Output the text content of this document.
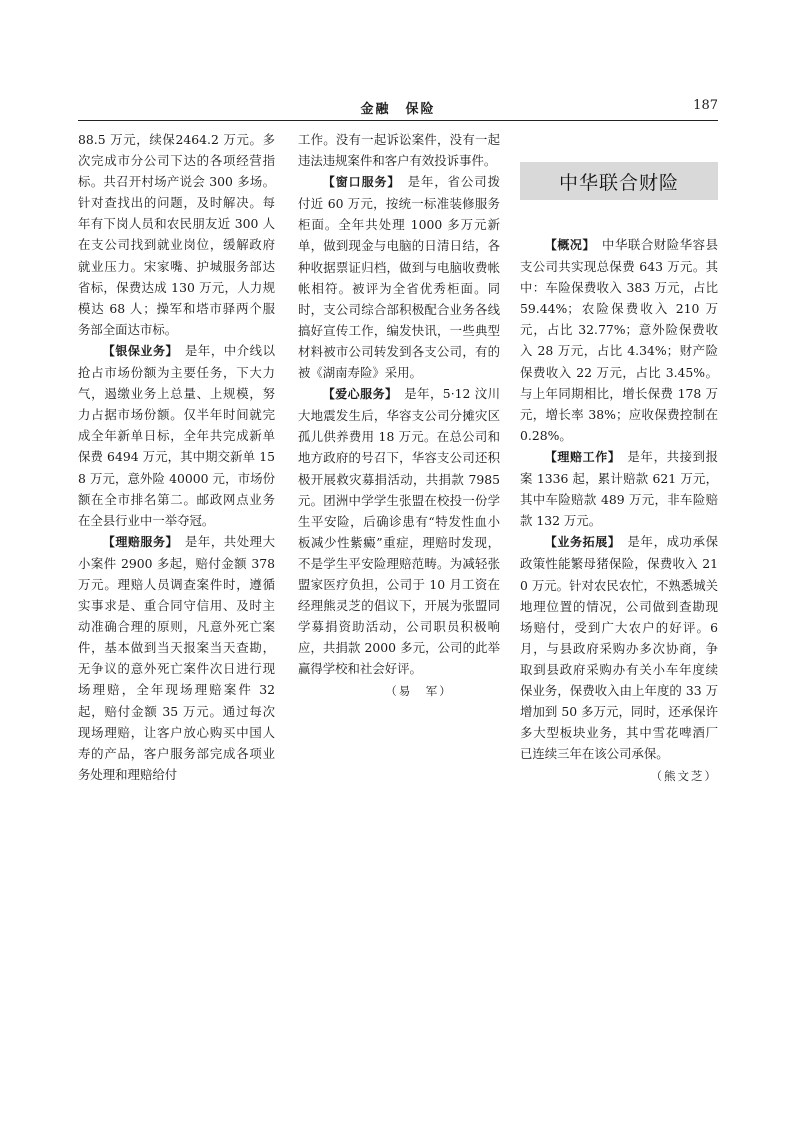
金融　保险	187

88.5 万元，续保2464.2 万元。多次完成市分公司下达的各项经营指标。共召开村场产说会 300 多场。针对查找出的问题，及时解决。每年有下岗人员和农民朋友近 300 人在支公司找到就业岗位，缓解政府就业压力。宋家嘴、护城服务部达省标，保费达成 130 万元，人力规模达 68 人；操军和塔市驿两个服务部全面达市标。

【银保业务】　 是年，中介线以抢占市场份额为主要任务，下大力气，遏缴业务上总量、上规模，努力占据市场份额。仅半年时间就完成全年新单日标，全年共完成新单保费 6494 万元，其中期交新单 158 万元，意外险 40000 元，市场份额在全市排名第二。邮政网点业务在全县行业中一举夺冠。

【理赔服务】　 是年，共处理大小案件 2900 多起，赔付金额 378 万元。理赔人员调查案件时，遵循实事求是、重合同守信用、及时主动准确合理的原则，凡意外死亡案件，基本做到当天报案当天查勘，无争议的意外死亡案件次日进行现场理赔，全年现场理赔案件 32 起，赔付金额 35 万元。通过每次现场理赔，让客户放心购买中国人寿的产品，客户服务部完成各项业务处理和理赔给付

工作。没有一起诉讼案件，没有一起违法违规案件和客户有效投诉事件。

【窗口服务】　 是年，省公司拨付近 60 万元，按统一标准装修服务柜面。全年共处理 1000 多万元新单，做到现金与电脑的日清日结，各种收据票证归档，做到与电脑收费帐帐相符。被评为全省优秀柜面。同时，支公司综合部积极配合业务各线搞好宣传工作，编发快讯，一些典型材料被市公司转发到各支公司，有的被《湖南寿险》采用。

【爱心服务】　 是年，5·12 汶川大地震发生后，华容支公司分摊灾区孤儿供养费用 18 万元。在总公司和地方政府的号召下，华容支公司还积极开展救灾募捐活动，共捐款 7985 元。团洲中学学生张盟在校投一份学生平安险，后确诊患有“特发性血小板减少性紫癜”重症，理赔时发现，不是学生平安险理赔范畴。为减轻张盟家医疗负担，公司于 10 月工资在经理熊灵芝的倡议下，开展为张盟同学募捐资助活动，公司职员积极响应，共捐款 2000 多元，公司的此举赢得学校和社会好评。

（易　军）

中华联合财险

【概况】　 中华联合财险华容县支公司共实现总保费 643 万元。其中：车险保费收入 383 万元，占比 59.44%；农险保费收入 210 万元，占比 32.77%；意外险保费收入 28 万元，占比 4.34%；财产险保费收入 22 万元，占比 3.45%。与上年同期相比，增长保费 178 万元，增长率 38%；应收保费控制在 0.28%。

【理赔工作】　 是年，共接到报案 1336 起，累计赔款 621 万元，其中车险赔款 489 万元，非车险赔款 132 万元。

【业务拓展】　 是年，成功承保政策性能繁母猪保险，保费收入 210 万元。针对农民农忙，不熟悉城关地理位置的情况，公司做到查勘现场赔付，受到广大农户的好评。6 月，与县政府采购办多次协商，争取到县政府采购办有关小车年度续保业务，保费收入由上年度的 33 万增加到 50 多万元，同时，还承保许多大型板块业务，其中雪花啤酒厂已连续三年在该公司承保。

（熊文芝）
